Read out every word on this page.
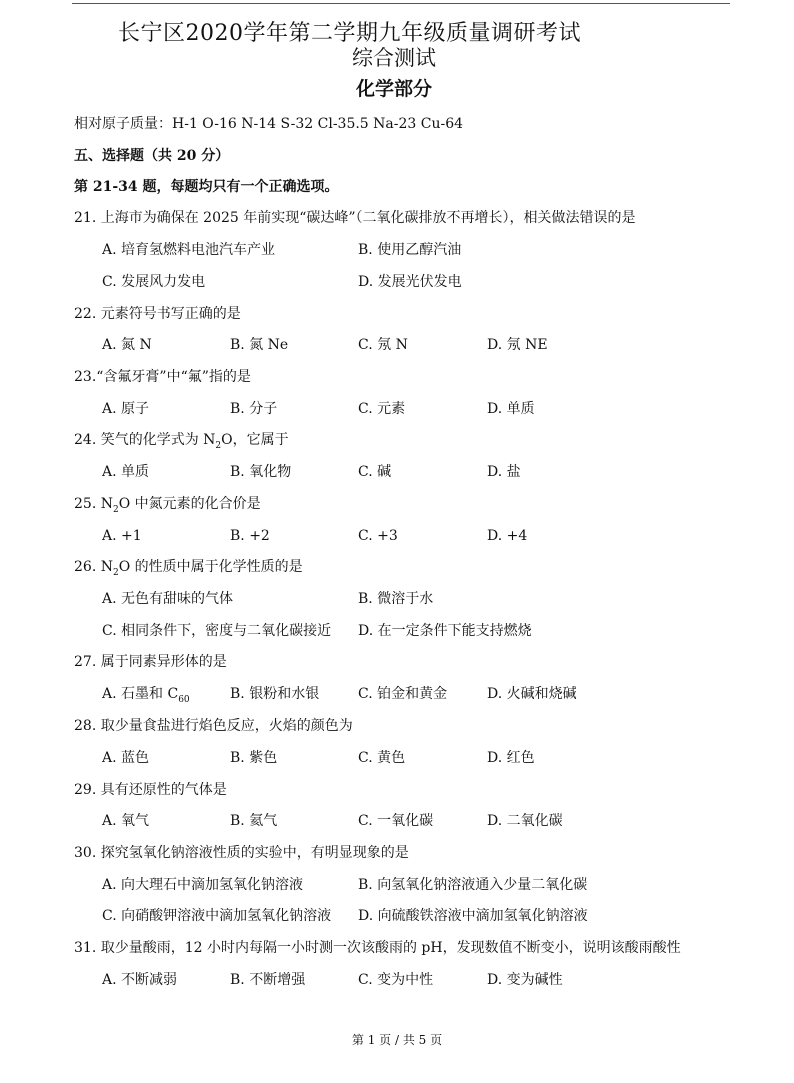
长宁区2020学年第二学期九年级质量调研考试
综合测试
化学部分
相对原子质量：H-1 O-16 N-14 S-32 Cl-35.5 Na-23 Cu-64
五、选择题（共 20 分）
第 21-34 题，每题均只有一个正确选项。
21. 上海市为确保在 2025 年前实现“碳达峰”（二氧化碳排放不再增长），相关做法错误的是
A. 培育氢燃料电池汽车产业	B. 使用乙醇汽油
C. 发展风力发电	D. 发展光伏发电
22. 元素符号书写正确的是
A. 氮 N	B. 氮 Ne	C. 氖 N	D. 氖 NE
23.“含氟牙膏”中“氟”指的是
A. 原子	B. 分子	C. 元素	D. 单质
24. 笑气的化学式为 $N_2O$，它属于
A. 单质	B. 氧化物	C. 碱	D. 盐
25. $N_2O$ 中氮元素的化合价是
A. +1	B. +2	C. +3	D. +4
26. $N_2O$ 的性质中属于化学性质的是
A. 无色有甜味的气体	B. 微溶于水
C. 相同条件下，密度与二氧化碳接近 D. 在一定条件下能支持燃烧
27. 属于同素异形体的是
A. 石墨和 $C_{60}$	B. 银粉和水银	C. 铂金和黄金	D. 火碱和烧碱
28. 取少量食盐进行焰色反应，火焰的颜色为
A. 蓝色	B. 紫色	C. 黄色	D. 红色
29. 具有还原性的气体是
A. 氧气	B. 氦气	C. 一氧化碳	D. 二氧化碳
30. 探究氢氧化钠溶液性质的实验中，有明显现象的是
A. 向大理石中滴加氢氧化钠溶液	B. 向氢氧化钠溶液通入少量二氧化碳
C. 向硝酸钾溶液中滴加氢氧化钠溶液 D. 向硫酸铁溶液中滴加氢氧化钠溶液
31. 取少量酸雨，12 小时内每隔一小时测一次该酸雨的 pH，发现数值不断变小，说明该酸雨酸性
A. 不断减弱	B. 不断增强	C. 变为中性	D. 变为碱性
第 1 页 / 共 5 页
